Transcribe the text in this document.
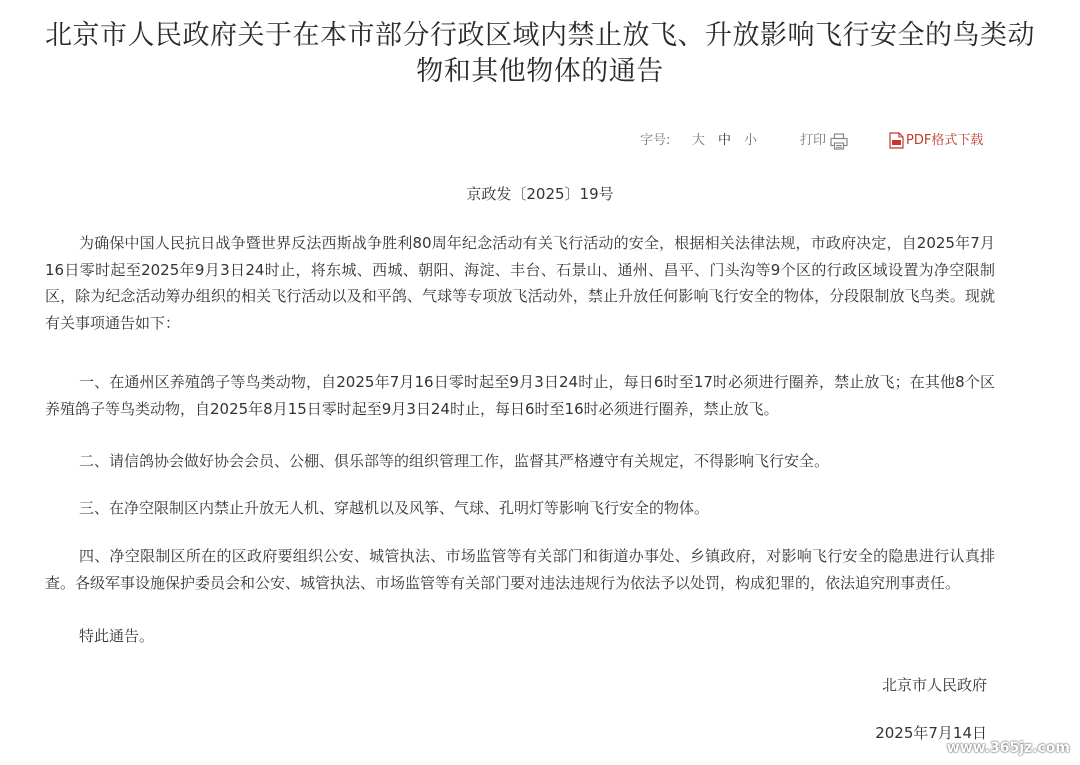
北京市人民政府关于在本市部分行政区域内禁止放飞、升放影响飞行安全的鸟类动物和其他物体的通告
字号: 大 中 小	打印	PDF格式下载
京政发〔2025〕19号

为确保中国人民抗日战争暨世界反法西斯战争胜利80周年纪念活动有关飞行活动的安全，根据相关法律法规，市政府决定，自2025年7月16日零时起至2025年9月3日24时止，将东城、西城、朝阳、海淀、丰台、石景山、通州、昌平、门头沟等9个区的行政区域设置为净空限制区，除为纪念活动筹办组织的相关飞行活动以及和平鸽、气球等专项放飞活动外，禁止升放任何影响飞行安全的物体，分段限制放飞鸟类。现就有关事项通告如下：

一、在通州区养殖鸽子等鸟类动物，自2025年7月16日零时起至9月3日24时止，每日6时至17时必须进行圈养，禁止放飞；在其他8个区养殖鸽子等鸟类动物，自2025年8月15日零时起至9月3日24时止，每日6时至16时必须进行圈养，禁止放飞。

二、请信鸽协会做好协会会员、公棚、俱乐部等的组织管理工作，监督其严格遵守有关规定，不得影响飞行安全。

三、在净空限制区内禁止升放无人机、穿越机以及风筝、气球、孔明灯等影响飞行安全的物体。

四、净空限制区所在的区政府要组织公安、城管执法、市场监管等有关部门和街道办事处、乡镇政府，对影响飞行安全的隐患进行认真排查。各级军事设施保护委员会和公安、城管执法、市场监管等有关部门要对违法违规行为依法予以处罚，构成犯罪的，依法追究刑事责任。

特此通告。

北京市人民政府
2025年7月14日
www.365jz.com
